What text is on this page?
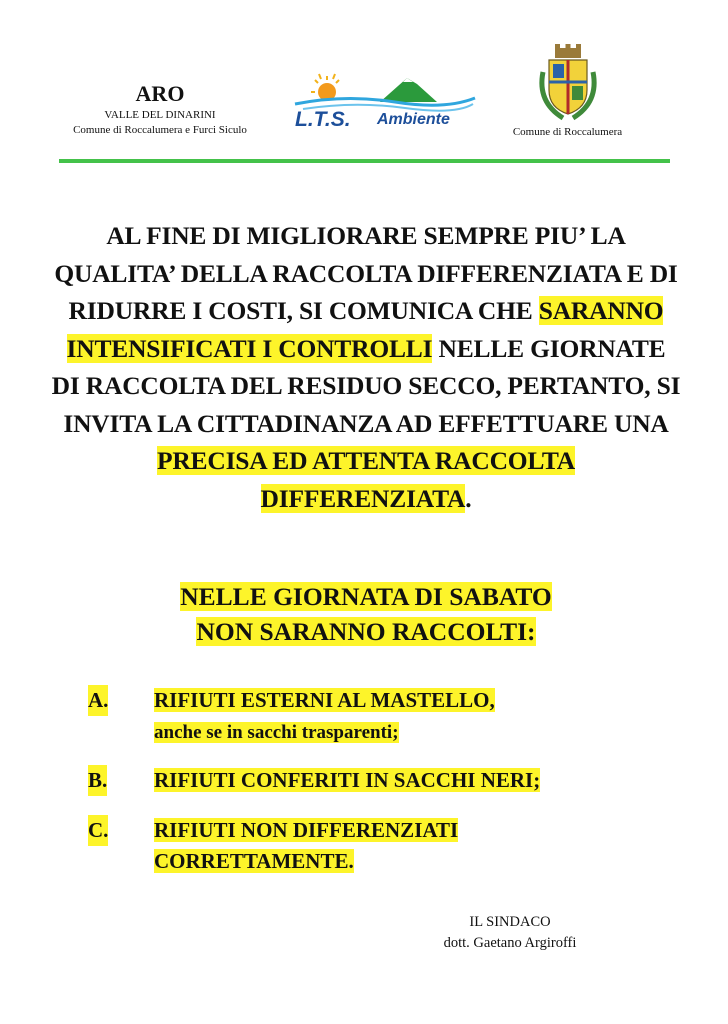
ARO
VALLE DEL DINARINI
Comune di Roccalumera e Furci Siculo	L.T.S. Ambiente
Comune di Roccalumera
AL FINE DI MIGLIORARE SEMPRE PIU’ LA QUALITA’ DELLA RACCOLTA DIFFERENZIATA E DI RIDURRE I COSTI, SI COMUNICA CHE SARANNO INTENSIFICATI I CONTROLLI NELLE GIORNATE DI RACCOLTA DEL RESIDUO SECCO, PERTANTO, SI INVITA LA CITTADINANZA AD EFFETTUARE UNA PRECISA ED ATTENTA RACCOLTA DIFFERENZIATA.
NELLE GIORNATA DI SABATO
NON SARANNO RACCOLTI:
A. RIFIUTI ESTERNI AL MASTELLO,
anche se in sacchi trasparenti;
B. RIFIUTI CONFERITI IN SACCHI NERI;
C. RIFIUTI NON DIFFERENZIATI
CORRETTAMENTE.
IL SINDACO
dott. Gaetano Argiroffi
